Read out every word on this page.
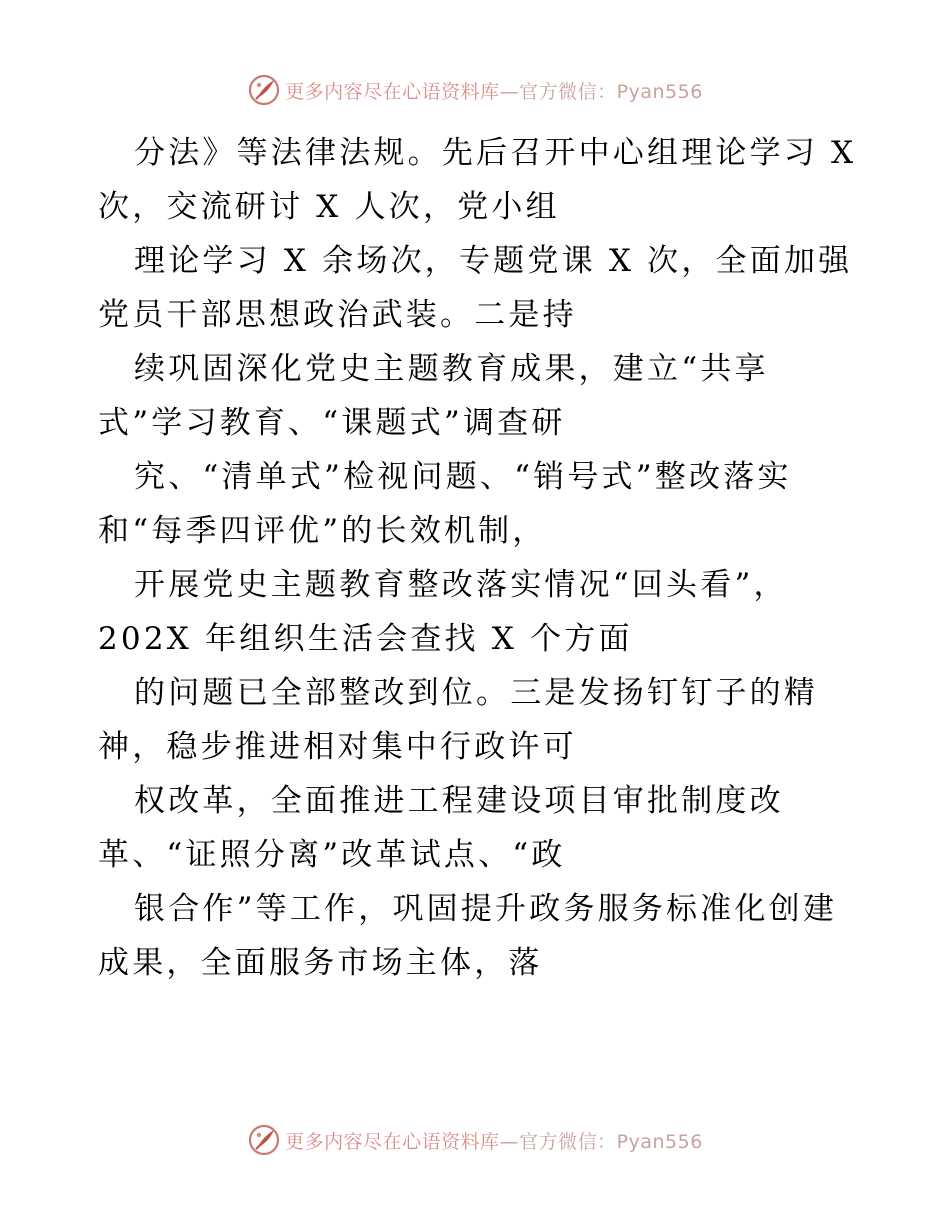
更多内容尽在心语资料库—官方微信：Pyan556
分法》等法律法规。先后召开中心组理论学习 X
次，交流研讨 X 人次，党小组
理论学习 X 余场次，专题党课 X 次，全面加强
党员干部思想政治武装。二是持
续巩固深化党史主题教育成果，建立“共享
式”学习教育、“课题式”调查研
究、“清单式”检视问题、“销号式”整改落实
和“每季四评优”的长效机制，
开展党史主题教育整改落实情况“回头看”，
202X 年组织生活会查找 X 个方面
的问题已全部整改到位。三是发扬钉钉子的精
神，稳步推进相对集中行政许可
权改革，全面推进工程建设项目审批制度改
革、“证照分离”改革试点、“政
银合作”等工作，巩固提升政务服务标准化创建
成果，全面服务市场主体，落
更多内容尽在心语资料库—官方微信：Pyan556
